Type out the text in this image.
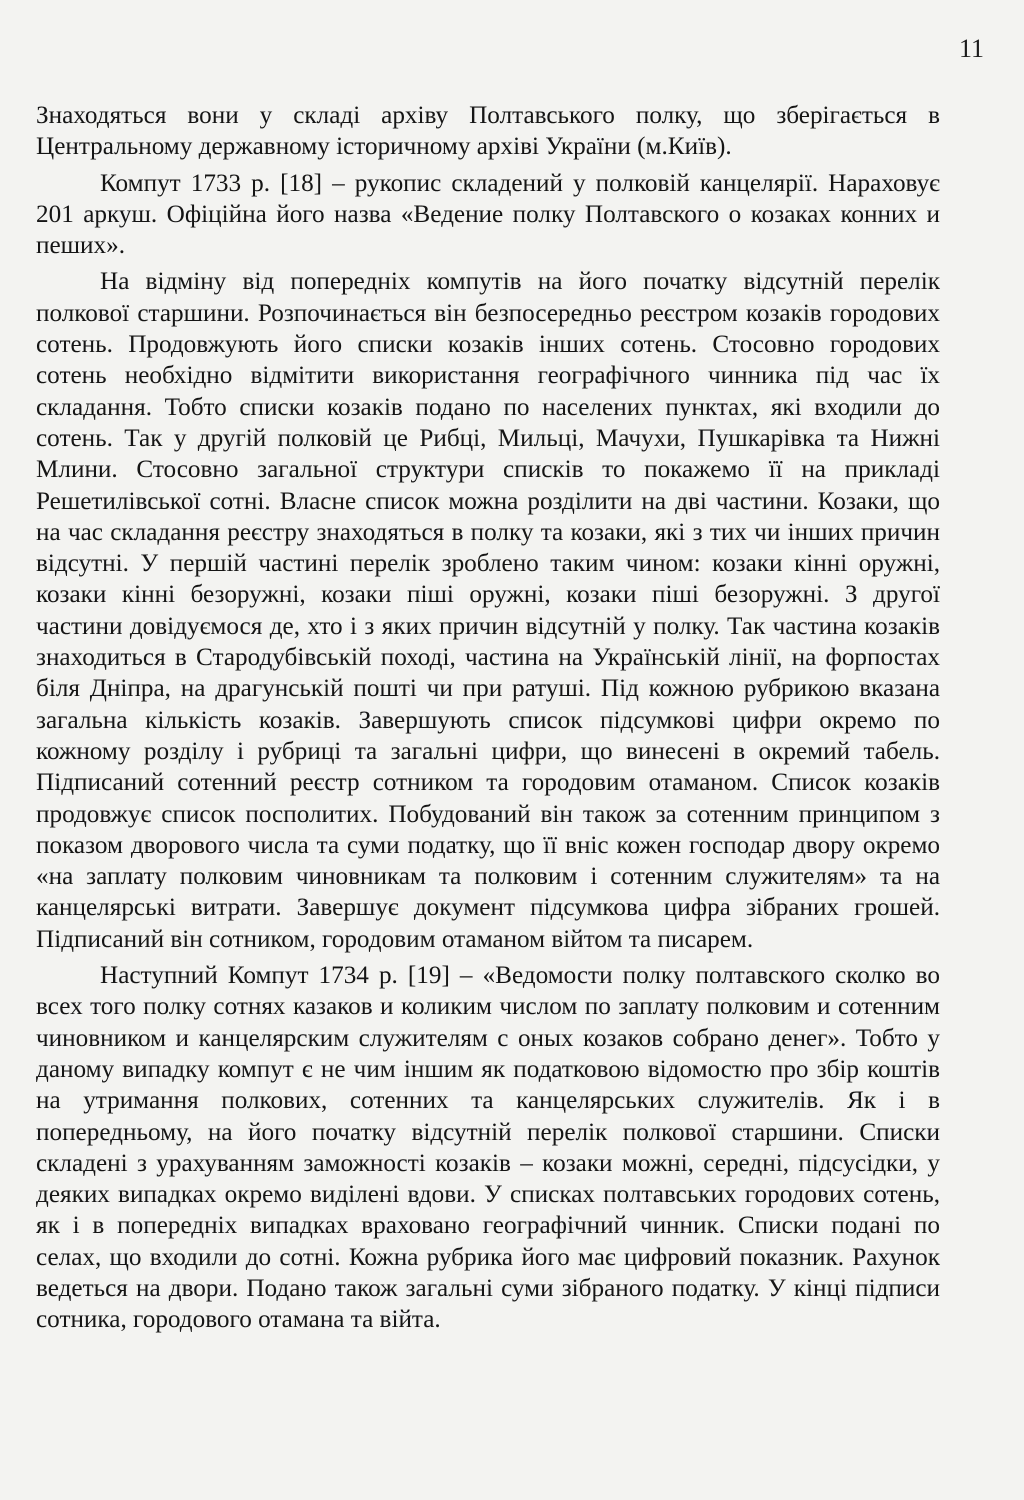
11

Знаходяться вони у складі архіву Полтавського полку, що зберігається в Центральному державному історичному архіві України (м.Київ).

Компут 1733 р. [18] – рукопис складений у полковій канцелярії. Нараховує 201 аркуш. Офіційна його назва «Ведение полку Полтавского о козаках конних и пеших».

На відміну від попередніх компутів на його початку відсутній перелік полкової старшини. Розпочинається він безпосередньо реєстром козаків городових сотень. Продовжують його списки козаків інших сотень. Стосовно городових сотень необхідно відмітити використання географічного чинника під час їх складання. Тобто списки козаків подано по населених пунктах, які входили до сотень. Так у другій полковій це Рибці, Мильці, Мачухи, Пушкарівка та Нижні Млини. Стосовно загальної структури списків то покажемо її на прикладі Решетилівської сотні. Власне список можна розділити на дві частини. Козаки, що на час складання реєстру знаходяться в полку та козаки, які з тих чи інших причин відсутні. У першій частині перелік зроблено таким чином: козаки кінні оружні, козаки кінні безоружні, козаки піші оружні, козаки піші безоружні. З другої частини довідуємося де, хто і з яких причин відсутній у полку. Так частина козаків знаходиться в Стародубівській поході, частина на Українській лінії, на форпостах біля Дніпра, на драгунській пошті чи при ратуші. Під кожною рубрикою вказана загальна кількість козаків. Завершують список підсумкові цифри окремо по кожному розділу і рубриці та загальні цифри, що винесені в окремий табель. Підписаний сотенний реєстр сотником та городовим отаманом. Список козаків продовжує список посполитих. Побудований він також за сотенним принципом з показом дворового числа та суми податку, що її вніс кожен господар двору окремо «на заплату полковим чиновникам та полковим і сотенним служителям» та на канцелярські витрати. Завершує документ підсумкова цифра зібраних грошей. Підписаний він сотником, городовим отаманом війтом та писарем.

Наступний Компут 1734 р. [19] – «Ведомости полку полтавского сколко во всех того полку сотнях казаков и коликим числом по заплату полковим и сотенним чиновником и канцелярским служителям с оных козаков собрано денег». Тобто у даному випадку компут є не чим іншим як податковою відомостю про збір коштів на утримання полкових, сотенних та канцелярських служителів. Як і в попередньому, на його початку відсутній перелік полкової старшини. Списки складені з урахуванням заможності козаків – козаки можні, середні, підсусідки, у деяких випадках окремо виділені вдови. У списках полтавських городових сотень, як і в попередніх випадках враховано географічний чинник. Списки подані по селах, що входили до сотні. Кожна рубрика його має цифровий показник. Рахунок ведеться на двори. Подано також загальні суми зібраного податку. У кінці підписи сотника, городового отамана та війта.
